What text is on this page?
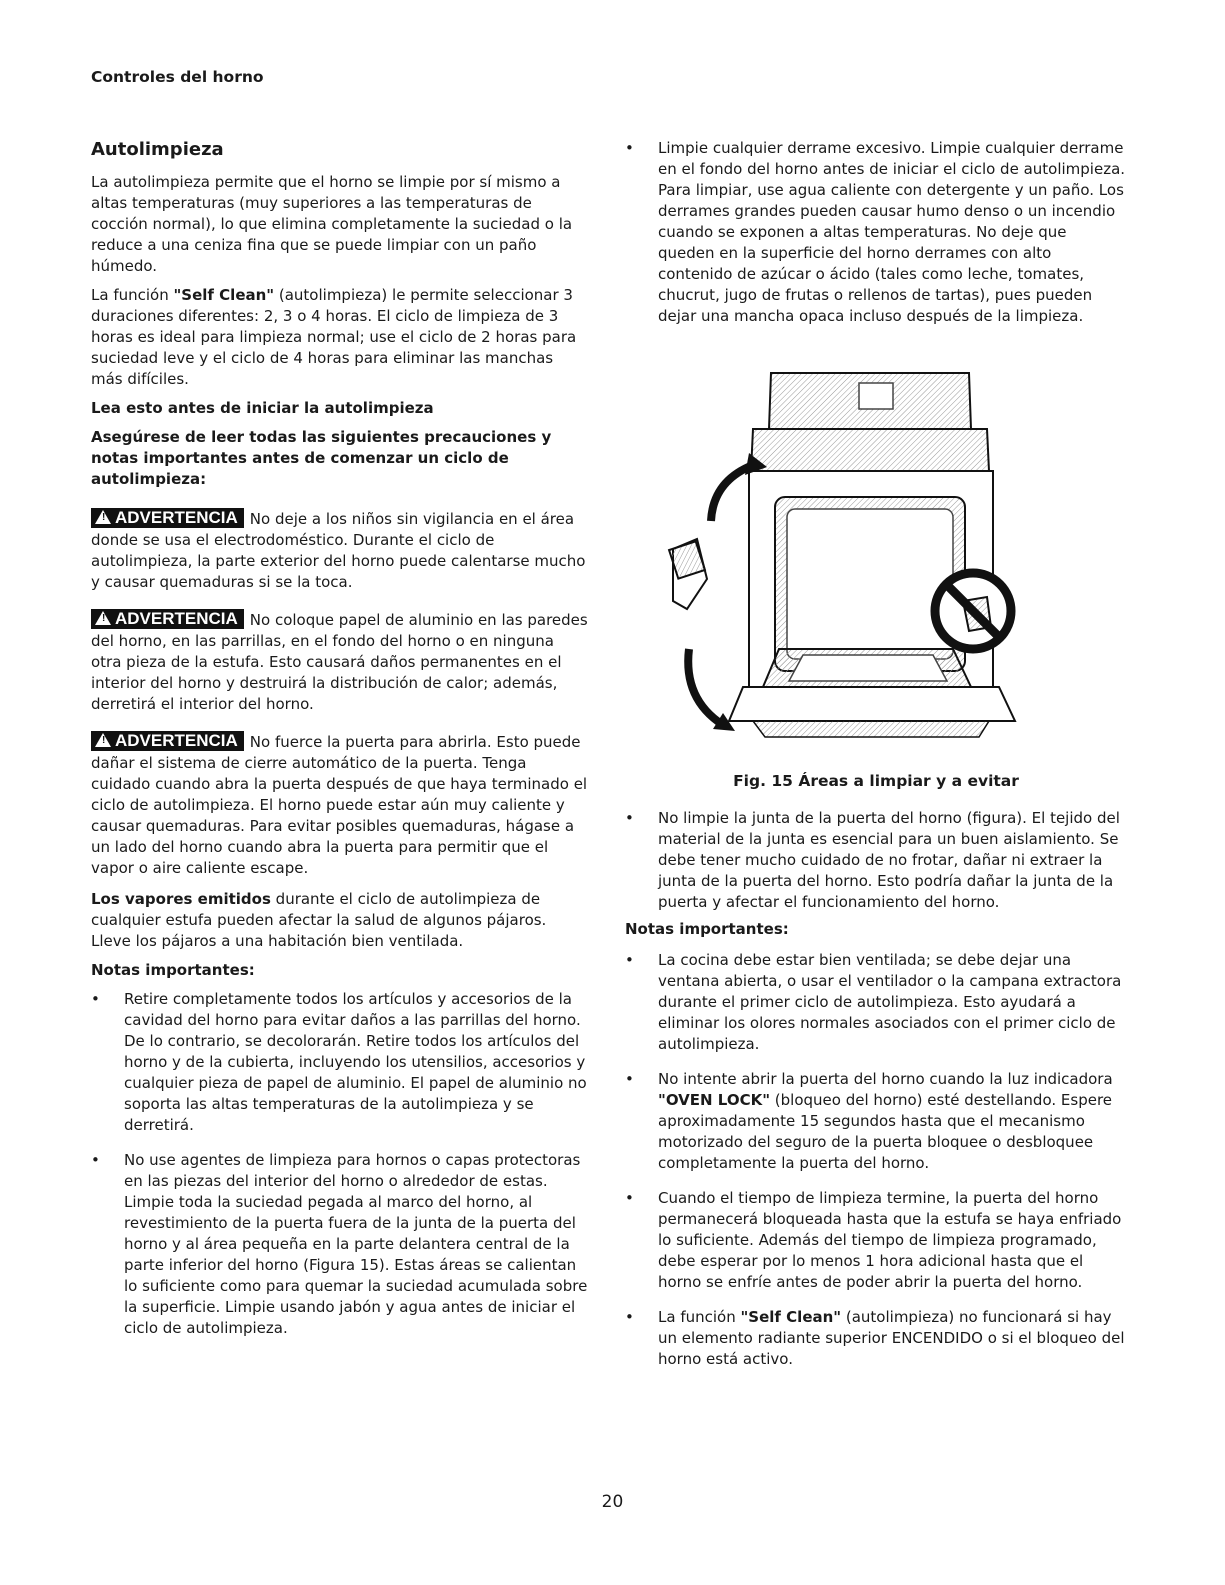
Controles del horno
Autolimpieza

La autolimpieza permite que el horno se limpie por sí mismo a altas temperaturas (muy superiores a las temperaturas de cocción normal), lo que elimina completamente la suciedad o la reduce a una ceniza fina que se puede limpiar con un paño húmedo.

La función "Self Clean" (autolimpieza) le permite seleccionar 3 duraciones diferentes: 2, 3 o 4 horas. El ciclo de limpieza de 3 horas es ideal para limpieza normal; use el ciclo de 2 horas para suciedad leve y el ciclo de 4 horas para eliminar las manchas más difíciles.

Lea esto antes de iniciar la autolimpieza
Asegúrese de leer todas las siguientes precauciones y notas importantes antes de comenzar un ciclo de autolimpieza:

! ADVERTENCIA No deje a los niños sin vigilancia en el área donde se usa el electrodoméstico. Durante el ciclo de autolimpieza, la parte exterior del horno puede calentarse mucho y causar quemaduras si se la toca.

! ADVERTENCIA No coloque papel de aluminio en las paredes del horno, en las parrillas, en el fondo del horno o en ninguna otra pieza de la estufa. Esto causará daños permanentes en el interior del horno y destruirá la distribución de calor; además, derretirá el interior del horno.

! ADVERTENCIA No fuerce la puerta para abrirla. Esto puede dañar el sistema de cierre automático de la puerta. Tenga cuidado cuando abra la puerta después de que haya terminado el ciclo de autolimpieza. El horno puede estar aún muy caliente y causar quemaduras. Para evitar posibles quemaduras, hágase a un lado del horno cuando abra la puerta para permitir que el vapor o aire caliente escape.

Los vapores emitidos durante el ciclo de autolimpieza de cualquier estufa pueden afectar la salud de algunos pájaros. Lleve los pájaros a una habitación bien ventilada.

Notas importantes:
• Retire completamente todos los artículos y accesorios de la cavidad del horno para evitar daños a las parrillas del horno. De lo contrario, se decolorarán. Retire todos los artículos del horno y de la cubierta, incluyendo los utensilios, accesorios y cualquier pieza de papel de aluminio. El papel de aluminio no soporta las altas temperaturas de la autolimpieza y se derretirá.
• No use agentes de limpieza para hornos o capas protectoras en las piezas del interior del horno o alrededor de estas. Limpie toda la suciedad pegada al marco del horno, al revestimiento de la puerta fuera de la junta de la puerta del horno y al área pequeña en la parte delantera central de la parte inferior del horno (Figura 15). Estas áreas se calientan lo suficiente como para quemar la suciedad acumulada sobre la superficie. Limpie usando jabón y agua antes de iniciar el ciclo de autolimpieza.
• Limpie cualquier derrame excesivo. Limpie cualquier derrame en el fondo del horno antes de iniciar el ciclo de autolimpieza. Para limpiar, use agua caliente con detergente y un paño. Los derrames grandes pueden causar humo denso o un incendio cuando se exponen a altas temperaturas. No deje que queden en la superficie del horno derrames con alto contenido de azúcar o ácido (tales como leche, tomates, chucrut, jugo de frutas o rellenos de tartas), pues pueden dejar una mancha opaca incluso después de la limpieza.
Fig. 15 Áreas a limpiar y a evitar
• No limpie la junta de la puerta del horno (figura). El tejido del material de la junta es esencial para un buen aislamiento. Se debe tener mucho cuidado de no frotar, dañar ni extraer la junta de la puerta del horno. Esto podría dañar la junta de la puerta y afectar el funcionamiento del horno.
Notas importantes:
• La cocina debe estar bien ventilada; se debe dejar una ventana abierta, o usar el ventilador o la campana extractora durante el primer ciclo de autolimpieza. Esto ayudará a eliminar los olores normales asociados con el primer ciclo de autolimpieza.
• No intente abrir la puerta del horno cuando la luz indicadora "OVEN LOCK" (bloqueo del horno) esté destellando. Espere aproximadamente 15 segundos hasta que el mecanismo motorizado del seguro de la puerta bloquee o desbloquee completamente la puerta del horno.
• Cuando el tiempo de limpieza termine, la puerta del horno permanecerá bloqueada hasta que la estufa se haya enfriado lo suficiente. Además del tiempo de limpieza programado, debe esperar por lo menos 1 hora adicional hasta que el horno se enfríe antes de poder abrir la puerta del horno.
• La función "Self Clean" (autolimpieza) no funcionará si hay un elemento radiante superior ENCENDIDO o si el bloqueo del horno está activo.
20
